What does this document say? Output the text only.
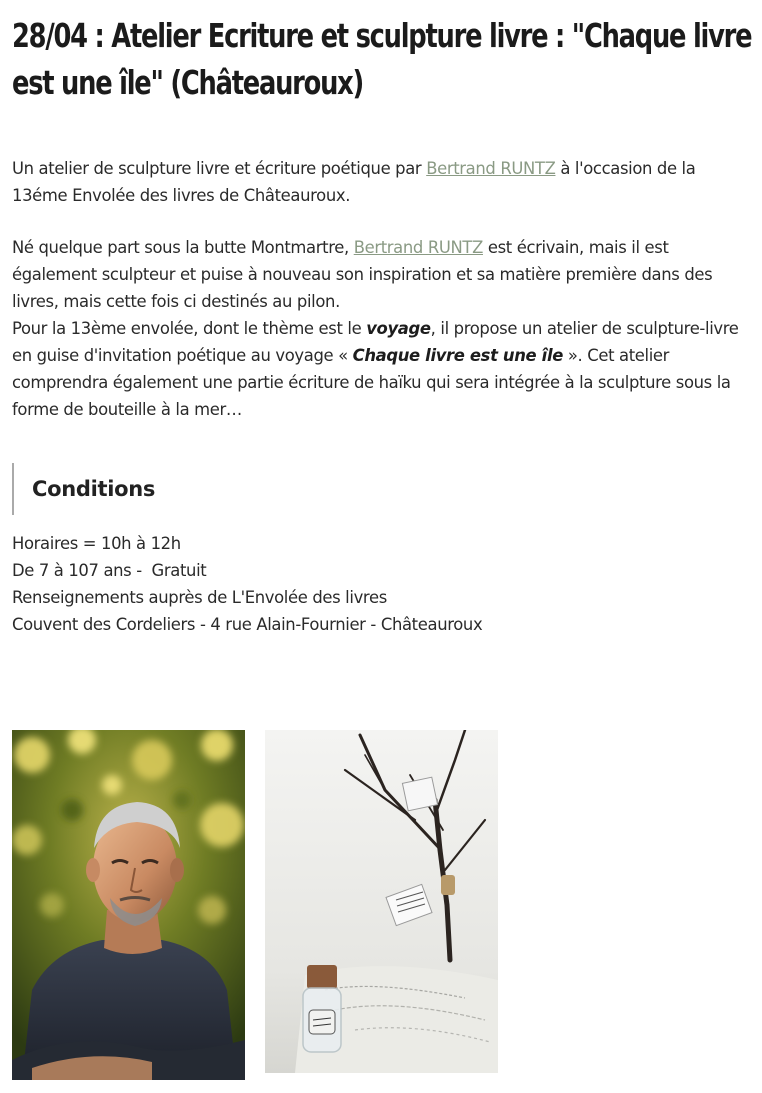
28/04 : Atelier Ecriture et sculpture livre : "Chaque livre est une île" (Châteauroux)

Un atelier de sculpture livre et écriture poétique par Bertrand RUNTZ à l'occasion de la 13éme Envolée des livres de Châteauroux.

Né quelque part sous la butte Montmartre, Bertrand RUNTZ est écrivain, mais il est également sculpteur et puise à nouveau son inspiration et sa matière première dans des livres, mais cette fois ci destinés au pilon.

Pour la 13ème envolée, dont le thème est le voyage, il propose un atelier de sculpture-livre en guise d'invitation poétique au voyage « Chaque livre est une île ». Cet atelier comprendra également une partie écriture de haïku qui sera intégrée à la sculpture sous la forme de bouteille à la mer…

Conditions
Horaires = 10h à 12h
De 7 à 107 ans -  Gratuit
Renseignements auprès de L'Envolée des livres
Couvent des Cordeliers - 4 rue Alain-Fournier - Châteauroux
